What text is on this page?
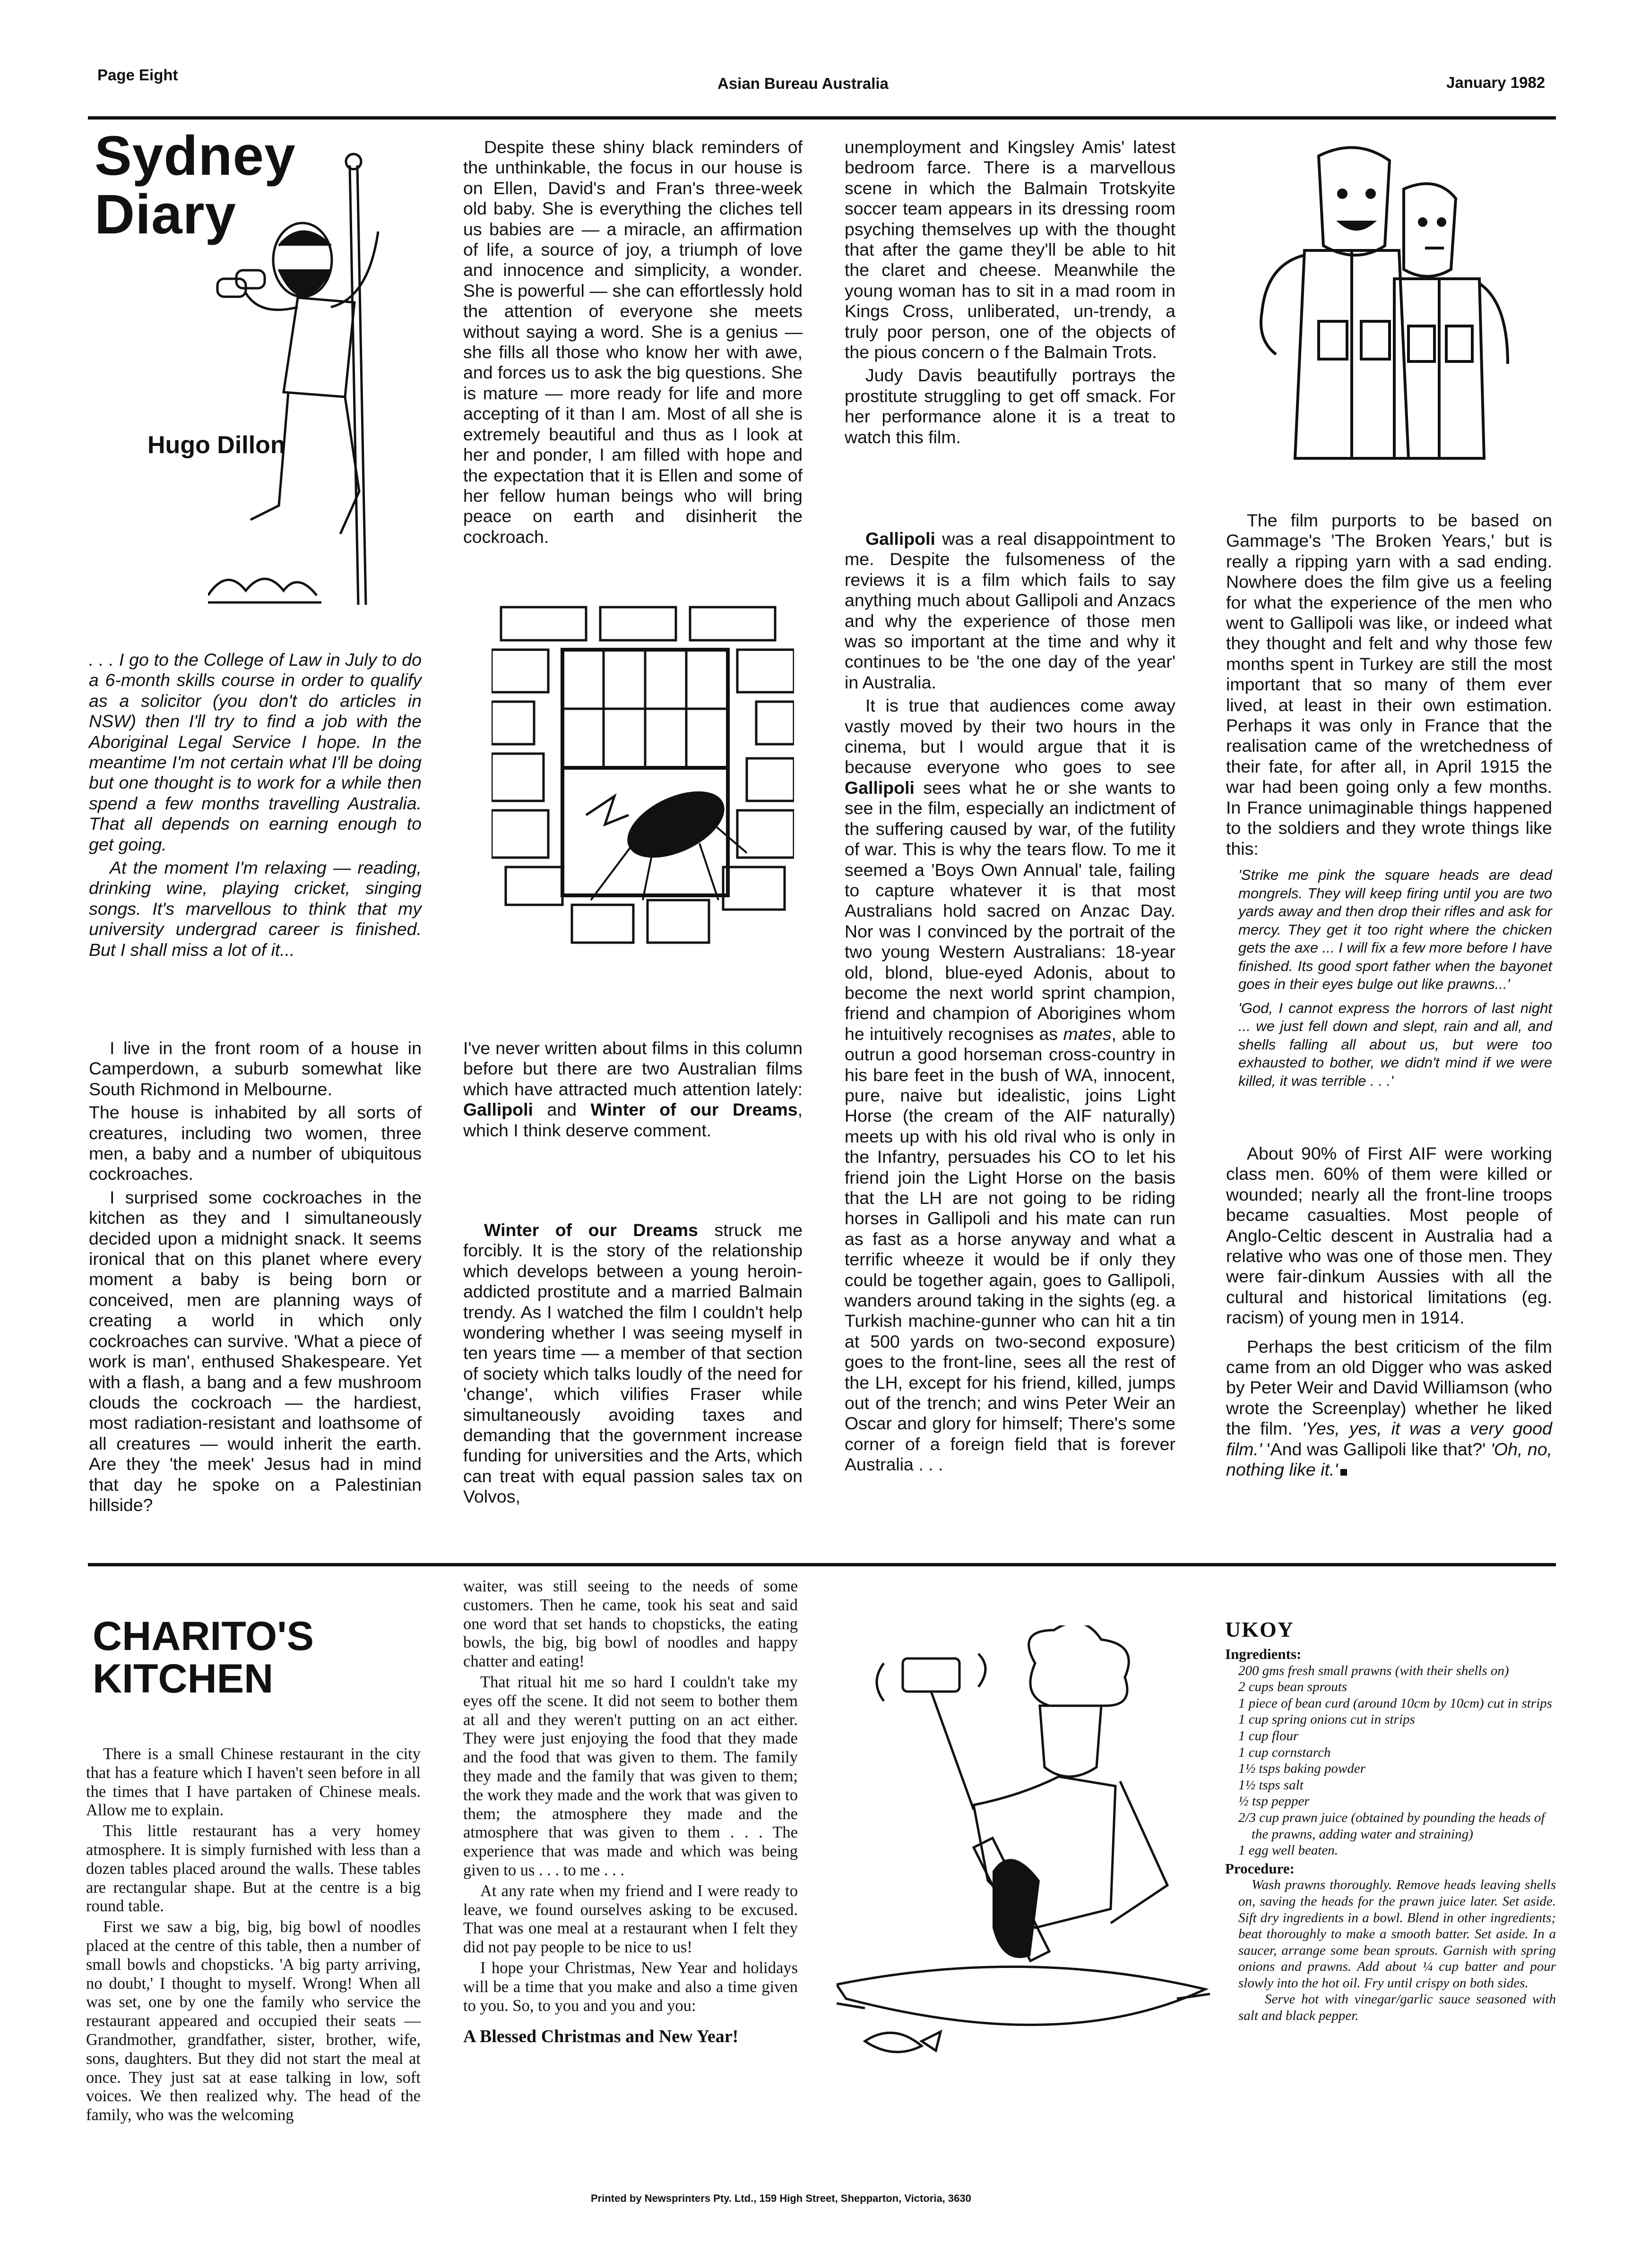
Page Eight	Asian Bureau Australia	January 1982
Sydney
Diary
Hugo Dillon

. . . I go to the College of Law in July to do a 6-month skills course in order to qualify as a solicitor (you don't do articles in NSW) then I'll try to find a job with the Aboriginal Legal Service I hope. In the meantime I'm not certain what I'll be doing but one thought is to work for a while then spend a few months travelling Australia. That all depends on earning enough to get going.

At the moment I'm relaxing — reading, drinking wine, playing cricket, singing songs. It's marvellous to think that my university undergrad career is finished. But I shall miss a lot of it...

I live in the front room of a house in Camperdown, a suburb somewhat like South Richmond in Melbourne.

The house is inhabited by all sorts of creatures, including two women, three men, a baby and a number of ubiquitous cockroaches.

I surprised some cockroaches in the kitchen as they and I simultaneously decided upon a midnight snack. It seems ironical that on this planet where every moment a baby is being born or conceived, men are planning ways of creating a world in which only cockroaches can survive. 'What a piece of work is man', enthused Shakespeare. Yet with a flash, a bang and a few mushroom clouds the cockroach — the hardiest, most radiation-resistant and loathsome of all creatures — would inherit the earth. Are they 'the meek' Jesus had in mind that day he spoke on a Palestinian hillside?

Despite these shiny black reminders of the unthinkable, the focus in our house is on Ellen, David's and Fran's three-week old baby. She is everything the cliches tell us babies are — a miracle, an affirmation of life, a source of joy, a triumph of love and innocence and simplicity, a wonder. She is powerful — she can effortlessly hold the attention of everyone she meets without saying a word. She is a genius — she fills all those who know her with awe, and forces us to ask the big questions. She is mature — more ready for life and more accepting of it than I am. Most of all she is extremely beautiful and thus as I look at her and ponder, I am filled with hope and the expectation that it is Ellen and some of her fellow human beings who will bring peace on earth and disinherit the cockroach.

I've never written about films in this column before but there are two Australian films which have attracted much attention lately: Gallipoli and Winter of our Dreams, which I think deserve comment.

Winter of our Dreams struck me forcibly. It is the story of the relationship which develops between a young heroin-addicted prostitute and a married Balmain trendy. As I watched the film I couldn't help wondering whether I was seeing myself in ten years time — a member of that section of society which talks loudly of the need for 'change', which vilifies Fraser while simultaneously avoiding taxes and demanding that the government increase funding for universities and the Arts, which can treat with equal passion sales tax on Volvos,

unemployment and Kingsley Amis' latest bedroom farce. There is a marvellous scene in which the Balmain Trotskyite soccer team appears in its dressing room psyching themselves up with the thought that after the game they'll be able to hit the claret and cheese. Meanwhile the young woman has to sit in a mad room in Kings Cross, unliberated, un-trendy, a truly poor person, one of the objects of the pious concern o f the Balmain Trots.

Judy Davis beautifully portrays the prostitute struggling to get off smack. For her performance alone it is a treat to watch this film.

Gallipoli was a real disappointment to me. Despite the fulsomeness of the reviews it is a film which fails to say anything much about Gallipoli and Anzacs and why the experience of those men was so important at the time and why it continues to be 'the one day of the year' in Australia.

It is true that audiences come away vastly moved by their two hours in the cinema, but I would argue that it is because everyone who goes to see Gallipoli sees what he or she wants to see in the film, especially an indictment of the suffering caused by war, of the futility of war. This is why the tears flow. To me it seemed a 'Boys Own Annual' tale, failing to capture whatever it is that most Australians hold sacred on Anzac Day. Nor was I convinced by the portrait of the two young Western Australians: 18-year old, blond, blue-eyed Adonis, about to become the next world sprint champion, friend and champion of Aborigines whom he intuitively recognises as mates, able to outrun a good horseman cross-country in his bare feet in the bush of WA, innocent, pure, naive but idealistic, joins Light Horse (the cream of the AIF naturally) meets up with his old rival who is only in the Infantry, persuades his CO to let his friend join the Light Horse on the basis that the LH are not going to be riding horses in Gallipoli and his mate can run as fast as a horse anyway and what a terrific wheeze it would be if only they could be together again, goes to Gallipoli, wanders around taking in the sights (eg. a Turkish machine-gunner who can hit a tin at 500 yards on two-second exposure) goes to the front-line, sees all the rest of the LH, except for his friend, killed, jumps out of the trench; and wins Peter Weir an Oscar and glory for himself; There's some corner of a foreign field that is forever Australia . . .

The film purports to be based on Gammage's 'The Broken Years,' but is really a ripping yarn with a sad ending. Nowhere does the film give us a feeling for what the experience of the men who went to Gallipoli was like, or indeed what they thought and felt and why those few months spent in Turkey are still the most important that so many of them ever lived, at least in their own estimation. Perhaps it was only in France that the realisation came of the wretchedness of their fate, for after all, in April 1915 the war had been going only a few months. In France unimaginable things happened to the soldiers and they wrote things like this:

'Strike me pink the square heads are dead mongrels. They will keep firing until you are two yards away and then drop their rifles and ask for mercy. They get it too right where the chicken gets the axe ... I will fix a few more before I have finished. Its good sport father when the bayonet goes in their eyes bulge out like prawns...'

'God, I cannot express the horrors of last night ... we just fell down and slept, rain and all, and shells falling all about us, but were too exhausted to bother, we didn't mind if we were killed, it was terrible . . .'

About 90% of First AIF were working class men. 60% of them were killed or wounded; nearly all the front-line troops became casualties. Most people of Anglo-Celtic descent in Australia had a relative who was one of those men. They were fair-dinkum Aussies with all the cultural and historical limitations (eg. racism) of young men in 1914.

Perhaps the best criticism of the film came from an old Digger who was asked by Peter Weir and David Williamson (who wrote the Screenplay) whether he liked the film. 'Yes, yes, it was a very good film.' 'And was Gallipoli like that?' 'Oh, no, nothing like it.'

CHARITO'S
KITCHEN

There is a small Chinese restaurant in the city that has a feature which I haven't seen before in all the times that I have partaken of Chinese meals. Allow me to explain.

This little restaurant has a very homey atmosphere. It is simply furnished with less than a dozen tables placed around the walls. These tables are rectangular shape. But at the centre is a big round table.

First we saw a big, big, big bowl of noodles placed at the centre of this table, then a number of small bowls and chopsticks. 'A big party arriving, no doubt,' I thought to myself. Wrong! When all was set, one by one the family who service the restaurant appeared and occupied their seats — Grandmother, grandfather, sister, brother, wife, sons, daughters. But they did not start the meal at once. They just sat at ease talking in low, soft voices. We then realized why. The head of the family, who was the welcoming

waiter, was still seeing to the needs of some customers. Then he came, took his seat and said one word that set hands to chopsticks, the eating bowls, the big, big bowl of noodles and happy chatter and eating!

That ritual hit me so hard I couldn't take my eyes off the scene. It did not seem to bother them at all and they weren't putting on an act either. They were just enjoying the food that they made and the food that was given to them. The family they made and the family that was given to them; the work they made and the work that was given to them; the atmosphere they made and the atmosphere that was given to them . . . The experience that was made and which was being given to us . . . to me . . .

At any rate when my friend and I were ready to leave, we found ourselves asking to be excused. That was one meal at a restaurant when I felt they did not pay people to be nice to us!

I hope your Christmas, New Year and holidays will be a time that you make and also a time given to you. So, to you and you and you:

A Blessed Christmas and New Year!

UKOY
Ingredients:
200 gms fresh small prawns (with their shells on)
2 cups bean sprouts
1 piece of bean curd (around 10cm by 10cm) cut in strips
1 cup spring onions cut in strips
1 cup flour
1 cup cornstarch
1½ tsps baking powder
1½ tsps salt
½ tsp pepper
2/3 cup prawn juice (obtained by pounding the heads of the prawns, adding water and straining)
1 egg well beaten.
Procedure:
Wash prawns thoroughly. Remove heads leaving shells on, saving the heads for the prawn juice later. Set aside. Sift dry ingredients in a bowl. Blend in other ingredients; beat thoroughly to make a smooth batter. Set aside. In a saucer, arrange some bean sprouts. Garnish with spring onions and prawns. Add about ¼ cup batter and pour slowly into the hot oil. Fry until crispy on both sides.
Serve hot with vinegar/garlic sauce seasoned with salt and black pepper.
Printed by Newsprinters Pty. Ltd., 159 High Street, Shepparton, Victoria, 3630
